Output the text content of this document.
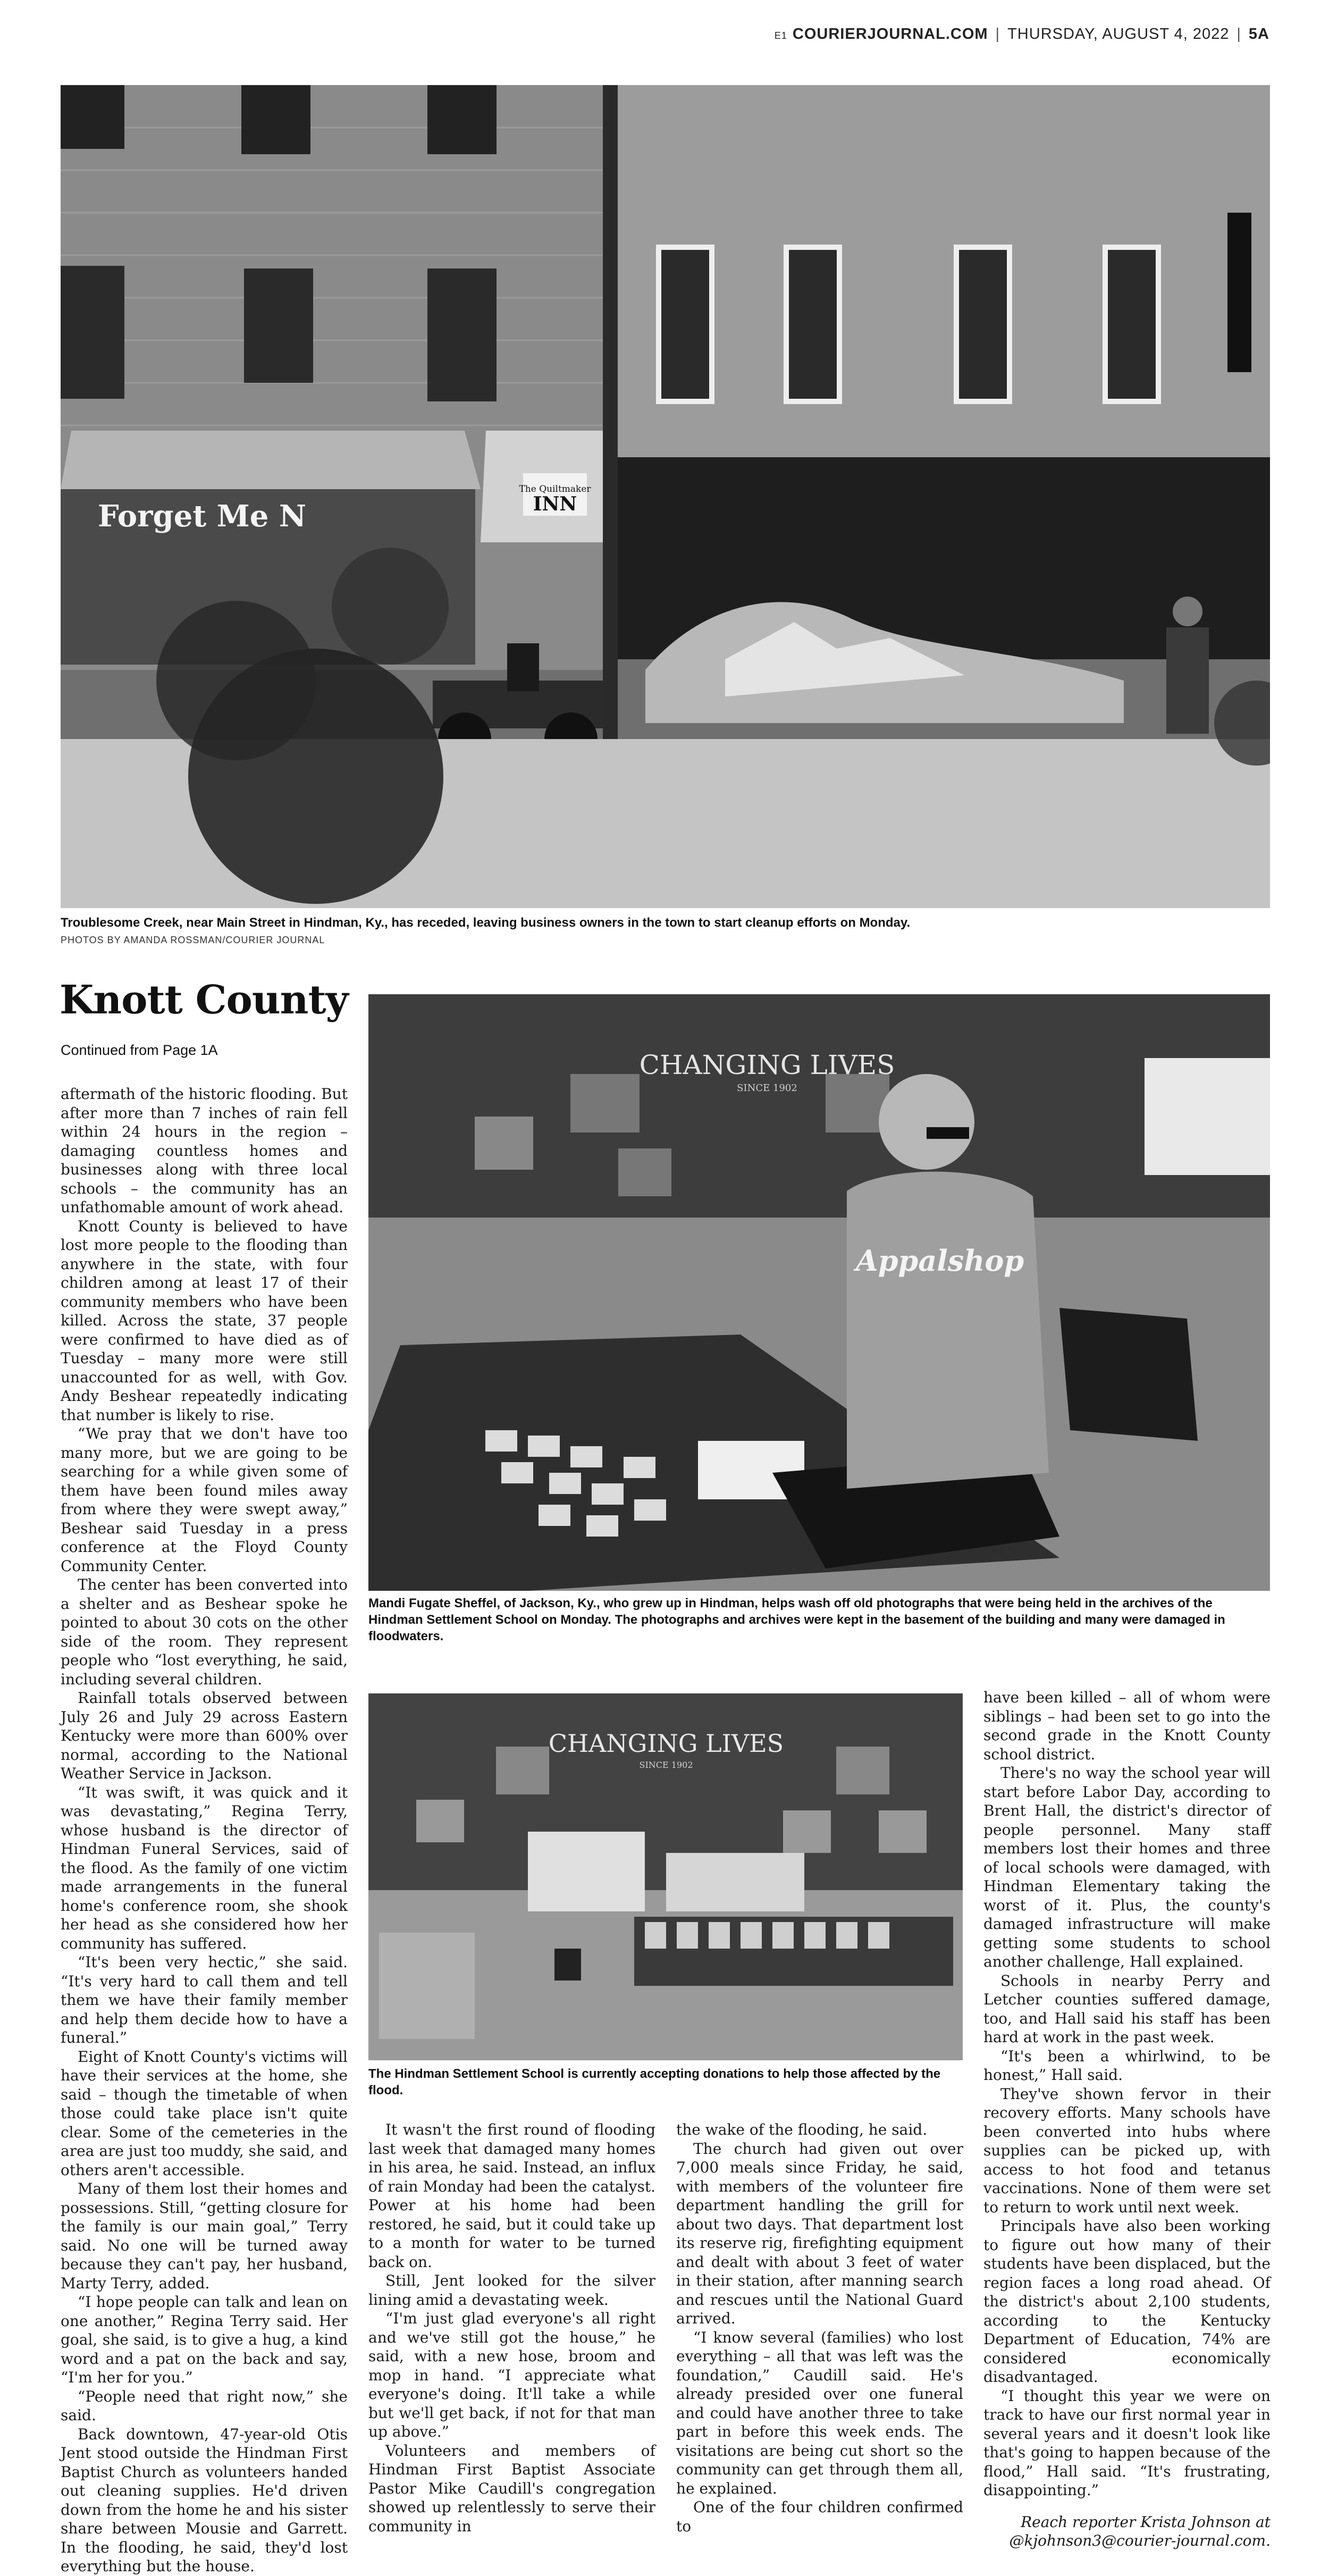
E1 COURIERJOURNAL.COM | THURSDAY, AUGUST 4, 2022 | 5A
Forget Me N
The Quiltmaker
INN
Troublesome Creek, near Main Street in Hindman, Ky., has receded, leaving business owners in the town to start cleanup efforts on Monday.
PHOTOS BY AMANDA ROSSMAN/COURIER JOURNAL
Knott County
Continued from Page 1A
Appalshop
CHANGING LIVES
SINCE 1902
Mandi Fugate Sheffel, of Jackson, Ky., who grew up in Hindman, helps wash off old photographs that were being held in the archives of the Hindman Settlement School on Monday. The photographs and archives were kept in the basement of the building and many were damaged in floodwaters.
CHANGING LIVES
SINCE 1902
The Hindman Settlement School is currently accepting donations to help those affected by the flood.

aftermath of the historic flooding. But after more than 7 inches of rain fell within 24 hours in the region – damaging countless homes and businesses along with three local schools – the community has an unfathomable amount of work ahead.

Knott County is believed to have lost more people to the flooding than anywhere in the state, with four children among at least 17 of their community members who have been killed. Across the state, 37 people were confirmed to have died as of Tuesday – many more were still unaccounted for as well, with Gov. Andy Beshear repeatedly indicating that number is likely to rise.

“We pray that we don't have too many more, but we are going to be searching for a while given some of them have been found miles away from where they were swept away,” Beshear said Tuesday in a press conference at the Floyd County Community Center.

The center has been converted into a shelter and as Beshear spoke he pointed to about 30 cots on the other side of the room. They represent people who “lost everything, he said, including several children.

Rainfall totals observed between July 26 and July 29 across Eastern Kentucky were more than 600% over normal, according to the National Weather Service in Jackson.

“It was swift, it was quick and it was devastating,” Regina Terry, whose husband is the director of Hindman Funeral Services, said of the flood. As the family of one victim made arrangements in the funeral home's conference room, she shook her head as she considered how her community has suffered.

“It's been very hectic,” she said. “It's very hard to call them and tell them we have their family member and help them decide how to have a funeral.”

Eight of Knott County's victims will have their services at the home, she said – though the timetable of when those could take place isn't quite clear. Some of the cemeteries in the area are just too muddy, she said, and others aren't accessible.

Many of them lost their homes and possessions. Still, “getting closure for the family is our main goal,” Terry said. No one will be turned away because they can't pay, her husband, Marty Terry, added.

“I hope people can talk and lean on one another,” Regina Terry said. Her goal, she said, is to give a hug, a kind word and a pat on the back and say, “I'm her for you.”

“People need that right now,” she said.

Back downtown, 47-year-old Otis Jent stood outside the Hindman First Baptist Church as volunteers handed out cleaning supplies. He'd driven down from the home he and his sister share between Mousie and Garrett. In the flooding, he said, they'd lost everything but the house.

It wasn't the first round of flooding last week that damaged many homes in his area, he said. Instead, an influx of rain Monday had been the catalyst. Power at his home had been restored, he said, but it could take up to a month for water to be turned back on.

Still, Jent looked for the silver lining amid a devastating week.

“I'm just glad everyone's all right and we've still got the house,” he said, with a new hose, broom and mop in hand. “I appreciate what everyone's doing. It'll take a while but we'll get back, if not for that man up above.”

Volunteers and members of Hindman First Baptist Associate Pastor Mike Caudill's congregation showed up relentlessly to serve their community in

the wake of the flooding, he said.

The church had given out over 7,000 meals since Friday, he said, with members of the volunteer fire department handling the grill for about two days. That department lost its reserve rig, firefighting equipment and dealt with about 3 feet of water in their station, after manning search and rescues until the National Guard arrived.

“I know several (families) who lost everything – all that was left was the foundation,” Caudill said. He's already presided over one funeral and could have another three to take part in before this week ends. The visitations are being cut short so the community can get through them all, he explained.

One of the four children confirmed to

have been killed – all of whom were siblings – had been set to go into the second grade in the Knott County school district.

There's no way the school year will start before Labor Day, according to Brent Hall, the district's director of people personnel. Many staff members lost their homes and three of local schools were damaged, with Hindman Elementary taking the worst of it. Plus, the county's damaged infrastructure will make getting some students to school another challenge, Hall explained.

Schools in nearby Perry and Letcher counties suffered damage, too, and Hall said his staff has been hard at work in the past week.

“It's been a whirlwind, to be honest,” Hall said.

They've shown fervor in their recovery efforts. Many schools have been converted into hubs where supplies can be picked up, with access to hot food and tetanus vaccinations. None of them were set to return to work until next week.

Principals have also been working to figure out how many of their students have been displaced, but the region faces a long road ahead. Of the district's about 2,100 students, according to the Kentucky Department of Education, 74% are considered economically disadvantaged.

“I thought this year we were on track to have our first normal year in several years and it doesn't look like that's going to happen because of the flood,” Hall said. “It's frustrating, disappointing.”

Reach reporter Krista Johnson at @kjohnson3@courier-journal.com.
